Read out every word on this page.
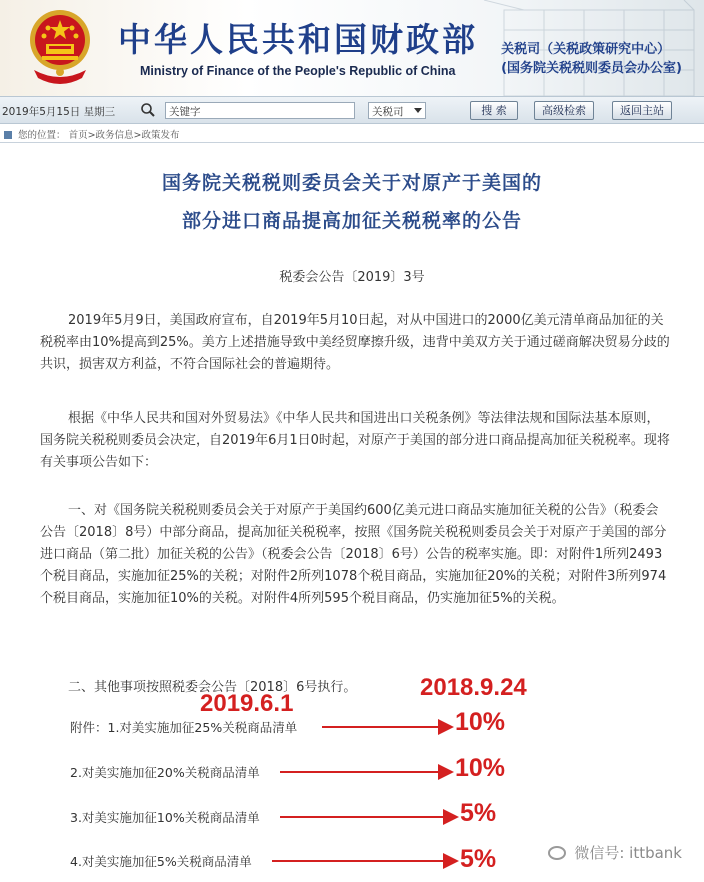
中华人民共和国财政部
Ministry of Finance of the People's Republic of China
关税司（关税政策研究中心）
(国务院关税税则委员会办公室)
2019年5月15日 星期三	关键字	关税司	搜 索	高级检索	返回主站
您的位置： 首页>政务信息>政策发布
国务院关税税则委员会关于对原产于美国的
部分进口商品提高加征关税税率的公告
税委会公告〔2019〕3号
2019年5月9日，美国政府宣布，自2019年5月10日起，对从中国进口的2000亿美元清单商品加征的关税税率由10%提高到25%。美方上述措施导致中美经贸摩擦升级，违背中美双方关于通过磋商解决贸易分歧的共识，损害双方利益，不符合国际社会的普遍期待。
根据《中华人民共和国对外贸易法》《中华人民共和国进出口关税条例》等法律法规和国际法基本原则，国务院关税税则委员会决定，自2019年6月1日0时起，对原产于美国的部分进口商品提高加征关税税率。现将有关事项公告如下：
一、对《国务院关税税则委员会关于对原产于美国约600亿美元进口商品实施加征关税的公告》（税委会公告〔2018〕8号）中部分商品，提高加征关税税率，按照《国务院关税税则委员会关于对原产于美国的部分进口商品（第二批）加征关税的公告》（税委会公告〔2018〕6号）公告的税率实施。即：对附件1所列2493个税目商品，实施加征25%的关税；对附件2所列1078个税目商品，实施加征20%的关税；对附件3所列974个税目商品，实施加征10%的关税。对附件4所列595个税目商品，仍实施加征5%的关税。
二、其他事项按照税委会公告〔2018〕6号执行。
附件：1.对美实施加征25%关税商品清单
2.对美实施加征20%关税商品清单
3.对美实施加征10%关税商品清单
4.对美实施加征5%关税商品清单
2019.6.1
2018.9.24
10%
10%
5%
5%	微信号: ittbank
